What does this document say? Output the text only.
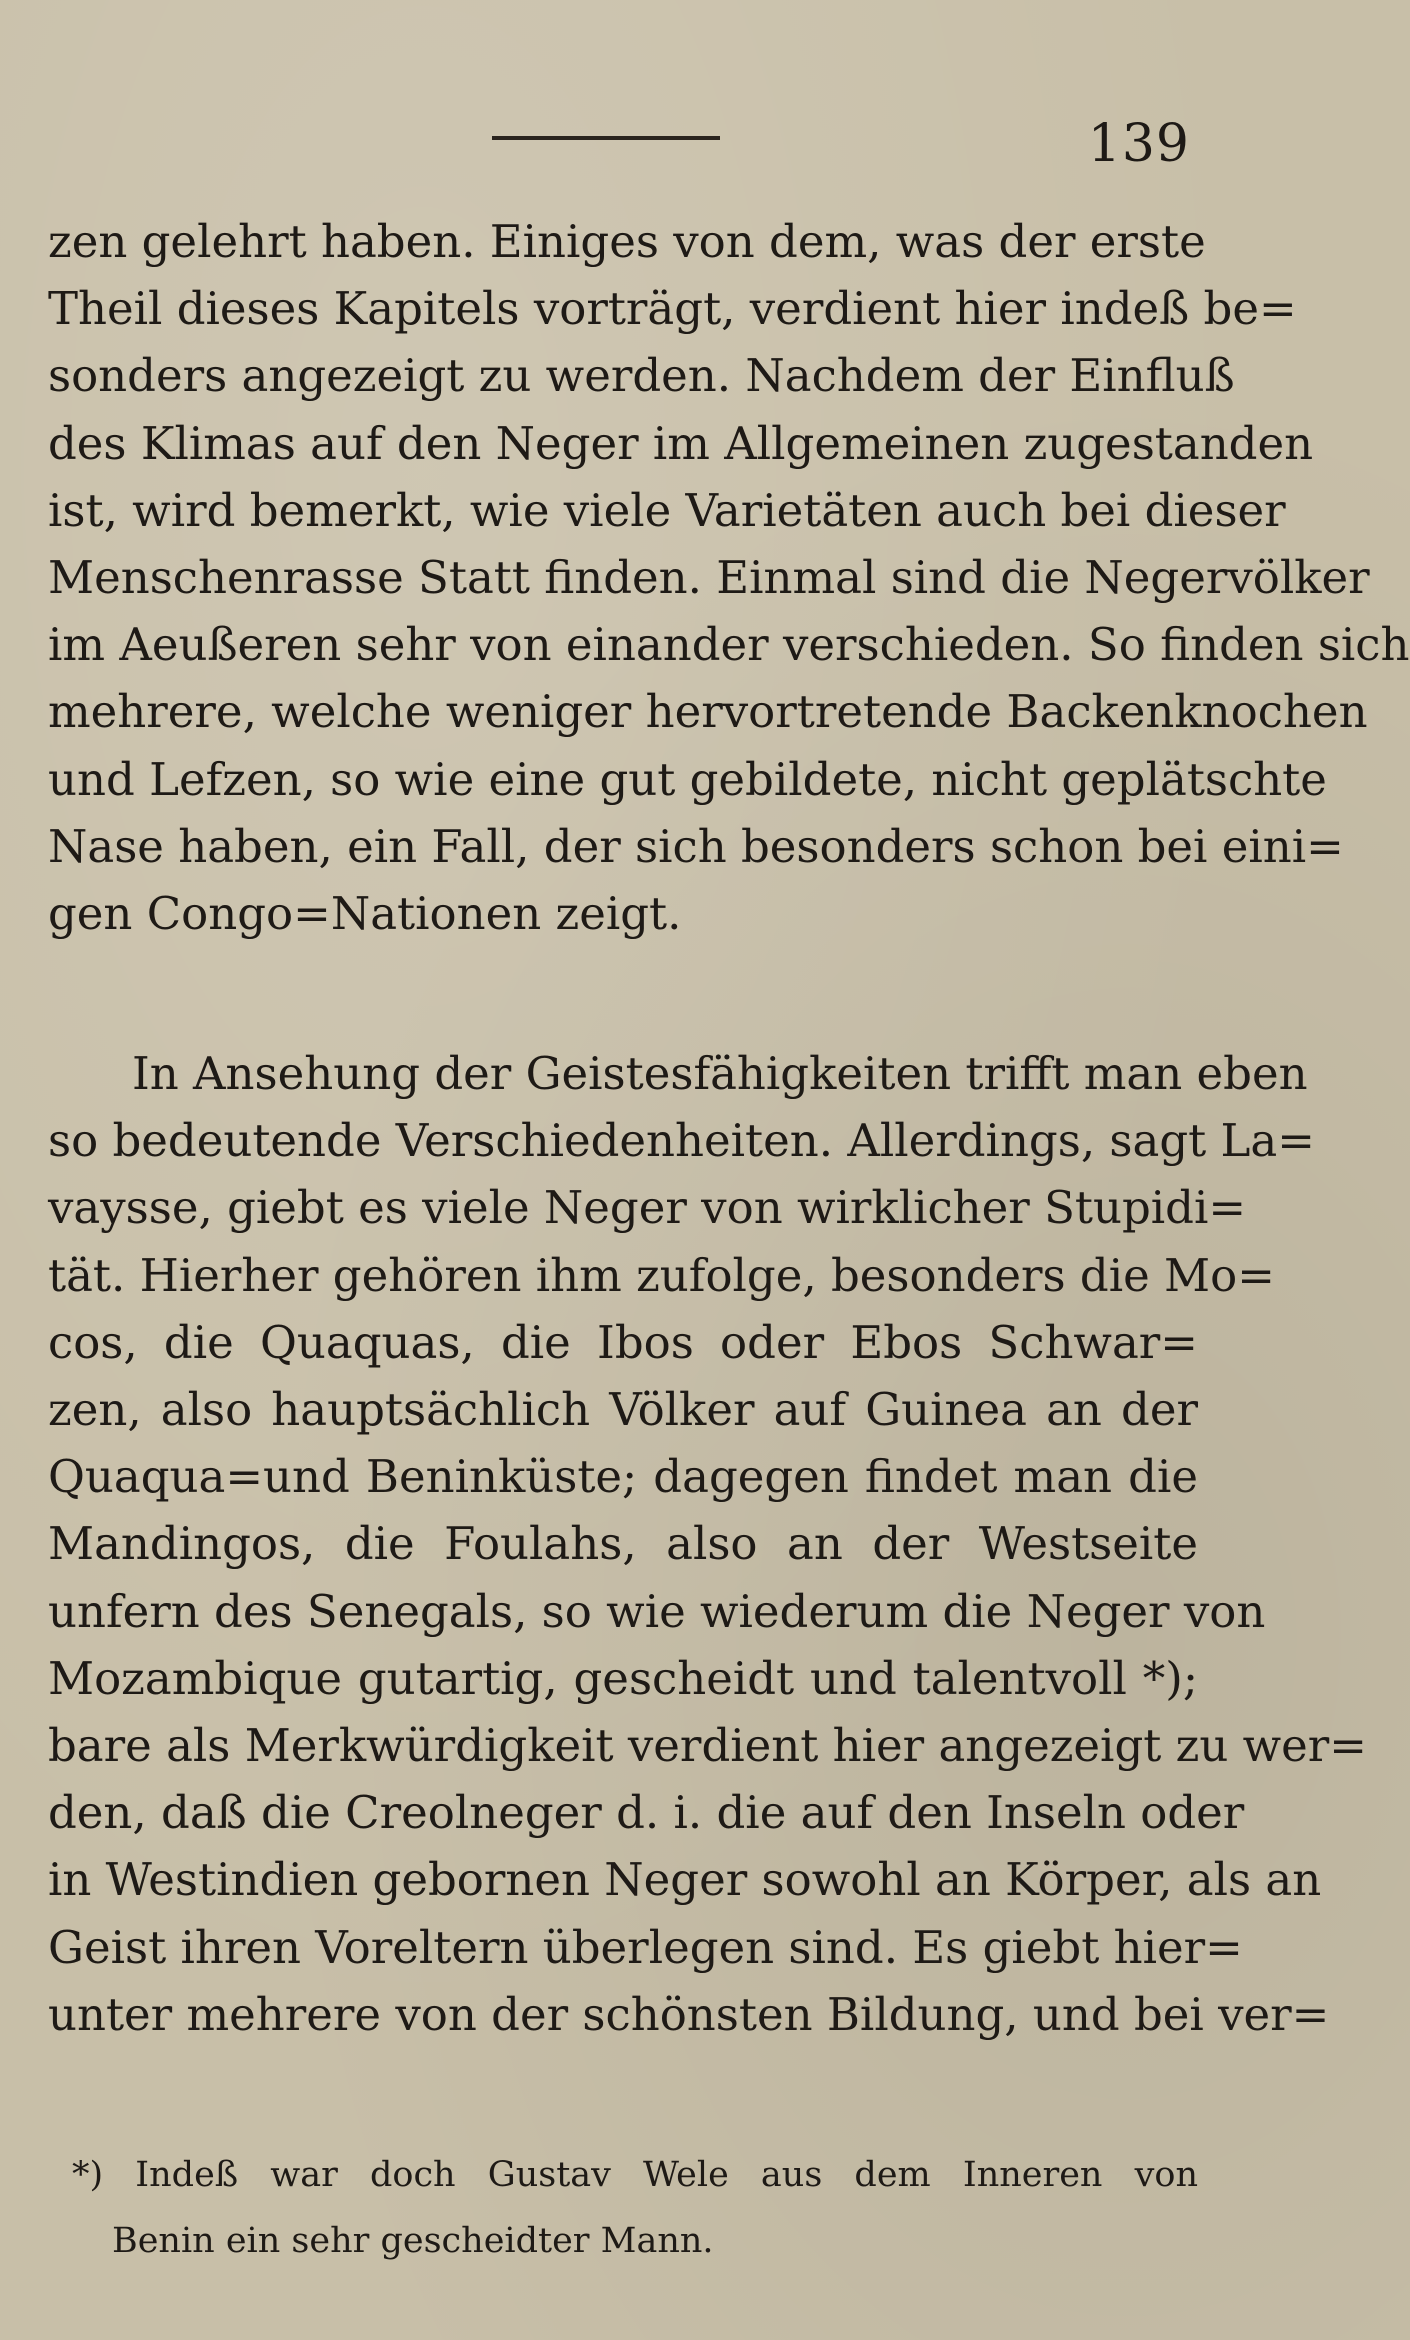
139
zen gelehrt haben. Einiges von dem, was der erste
Theil dieses Kapitels vorträgt, verdient hier indeß be=
sonders angezeigt zu werden. Nachdem der Einfluß
des Klimas auf den Neger im Allgemeinen zugestanden
ist, wird bemerkt, wie viele Varietäten auch bei dieser
Menschenrasse Statt finden. Einmal sind die Negervölker
im Aeußeren sehr von einander verschieden. So finden sich
mehrere, welche weniger hervortretende Backenknochen
und Lefzen, so wie eine gut gebildete, nicht geplätschte
Nase haben, ein Fall, der sich besonders schon bei eini=
gen Congo=Nationen zeigt.
In Ansehung der Geistesfähigkeiten trifft man eben
so bedeutende Verschiedenheiten. Allerdings, sagt La=
vaysse, giebt es viele Neger von wirklicher Stupidi=
tät. Hierher gehören ihm zufolge, besonders die Mo=
cos, die Quaquas, die Ibos oder Ebos Schwar=
zen, also hauptsächlich Völker auf Guinea an der
Quaqua=und Beninküste; dagegen findet man die
Mandingos, die Foulahs, also an der Westseite
unfern des Senegals, so wie wiederum die Neger von
Mozambique gutartig, gescheidt und talentvoll *);
bare als Merkwürdigkeit verdient hier angezeigt zu wer=
den, daß die Creolneger d. i. die auf den Inseln oder
in Westindien gebornen Neger sowohl an Körper, als an
Geist ihren Voreltern überlegen sind. Es giebt hier=
unter mehrere von der schönsten Bildung, und bei ver=
*) Indeß war doch Gustav Wele aus dem Inneren von
Benin ein sehr gescheidter Mann.
